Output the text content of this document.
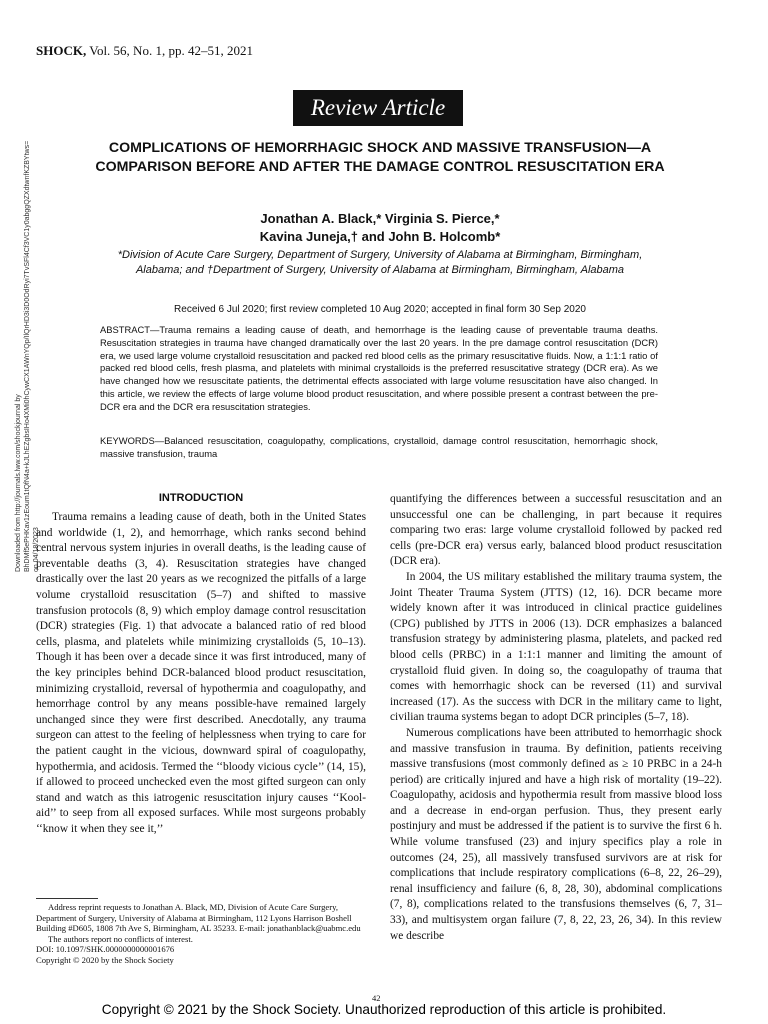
SHOCK, Vol. 56, No. 1, pp. 42–51, 2021
Review Article
COMPLICATIONS OF HEMORRHAGIC SHOCK AND MASSIVE TRANSFUSION—A COMPARISON BEFORE AND AFTER THE DAMAGE CONTROL RESUSCITATION ERA
Jonathan A. Black,* Virginia S. Pierce,*
Kavina Juneja,† and John B. Holcomb*
*Division of Acute Care Surgery, Department of Surgery, University of Alabama at Birmingham, Birmingham, Alabama; and †Department of Surgery, University of Alabama at Birmingham, Birmingham, Alabama
Received 6 Jul 2020; first review completed 10 Aug 2020; accepted in final form 30 Sep 2020
ABSTRACT—Trauma remains a leading cause of death, and hemorrhage is the leading cause of preventable trauma deaths. Resuscitation strategies in trauma have changed dramatically over the last 20 years. In the pre damage control resuscitation (DCR) era, we used large volume crystalloid resuscitation and packed red blood cells as the primary resuscitative fluids. Now, a 1:1:1 ratio of packed red blood cells, fresh plasma, and platelets with minimal crystalloids is the preferred resuscitative strategy (DCR era). As we have changed how we resuscitate patients, the detrimental effects associated with large volume resuscitation have also changed. In this article, we review the effects of large volume blood product resuscitation, and where possible present a contrast between the pre-DCR era and the DCR era resuscitation strategies.
KEYWORDS—Balanced resuscitation, coagulopathy, complications, crystalloid, damage control resuscitation, hemorrhagic shock, massive transfusion, trauma
Downloaded from http://journals.lww.com/shockjournal by BhDMf5ePHKav1zEoum1tQfN4a+kJLhEZgbsIHo4XMi0hCywCX1AWnYQp/IlQrHD3i3D0OdRyi7TvSFl4Cf3VC1y0abggQZXdtwnfKZBYtws= on 04/18/2023
INTRODUCTION

Trauma remains a leading cause of death, both in the United States and worldwide (1, 2), and hemorrhage, which ranks second behind central nervous system injuries in overall deaths, is the leading cause of preventable deaths (3, 4). Resuscitation strategies have changed drastically over the last 20 years as we recognized the pitfalls of a large volume crystalloid resuscitation (5–7) and shifted to massive transfusion protocols (8, 9) which employ damage control resuscitation (DCR) strategies (Fig. 1) that advocate a balanced ratio of red blood cells, plasma, and platelets while minimizing crystalloids (5, 10–13). Though it has been over a decade since it was first introduced, many of the key principles behind DCR-balanced blood product resuscitation, minimizing crystalloid, reversal of hypothermia and coagulopathy, and hemorrhage control by any means possible-have remained largely unchanged since they were first described. Anecdotally, any trauma surgeon can attest to the feeling of helplessness when trying to care for the patient caught in the vicious, downward spiral of coagulopathy, hypothermia, and acidosis. Termed the ‘‘bloody vicious cycle’’ (14, 15), if allowed to proceed unchecked even the most gifted surgeon can only stand and watch as this iatrogenic resuscitation injury causes ‘‘Kool-aid’’ to seep from all exposed surfaces. While most surgeons probably ‘‘know it when they see it,’’

quantifying the differences between a successful resuscitation and an unsuccessful one can be challenging, in part because it requires comparing two eras: large volume crystalloid followed by packed red cells (pre-DCR era) versus early, balanced blood product resuscitation (DCR era).

In 2004, the US military established the military trauma system, the Joint Theater Trauma System (JTTS) (12, 16). DCR became more widely known after it was introduced in clinical practice guidelines (CPG) published by JTTS in 2006 (13). DCR emphasizes a balanced transfusion strategy by administering plasma, platelets, and packed red blood cells (PRBC) in a 1:1:1 manner and limiting the amount of crystalloid fluid given. In doing so, the coagulopathy of trauma that comes with hemorrhagic shock can be reversed (11) and survival increased (17). As the success with DCR in the military came to light, civilian trauma systems began to adopt DCR principles (5–7, 18).

Numerous complications have been attributed to hemorrhagic shock and massive transfusion in trauma. By definition, patients receiving massive transfusions (most commonly defined as ≥ 10 PRBC in a 24-h period) are critically injured and have a high risk of mortality (19–22). Coagulopathy, acidosis and hypothermia result from massive blood loss and a decrease in end-organ perfusion. Thus, they present early postinjury and must be addressed if the patient is to survive the first 6 h. While volume transfused (23) and injury specifics play a role in outcomes (24, 25), all massively transfused survivors are at risk for complications that include respiratory complications (6–8, 22, 26–29), renal insufficiency and failure (6, 8, 28, 30), abdominal complications (7, 8), complications related to the transfusions themselves (6, 7, 31–33), and multisystem organ failure (7, 8, 22, 23, 26, 34). In this review we describe

Address reprint requests to Jonathan A. Black, MD, Division of Acute Care Surgery, Department of Surgery, University of Alabama at Birmingham, 112 Lyons Harrison Boshell Building #D605, 1808 7th Ave S, Birmingham, AL 35233. E-mail: jonathanblack@uabmc.edu

The authors report no conflicts of interest.

DOI: 10.1097/SHK.0000000000001676

Copyright © 2020 by the Shock Society

42
Copyright © 2021 by the Shock Society. Unauthorized reproduction of this article is prohibited.
